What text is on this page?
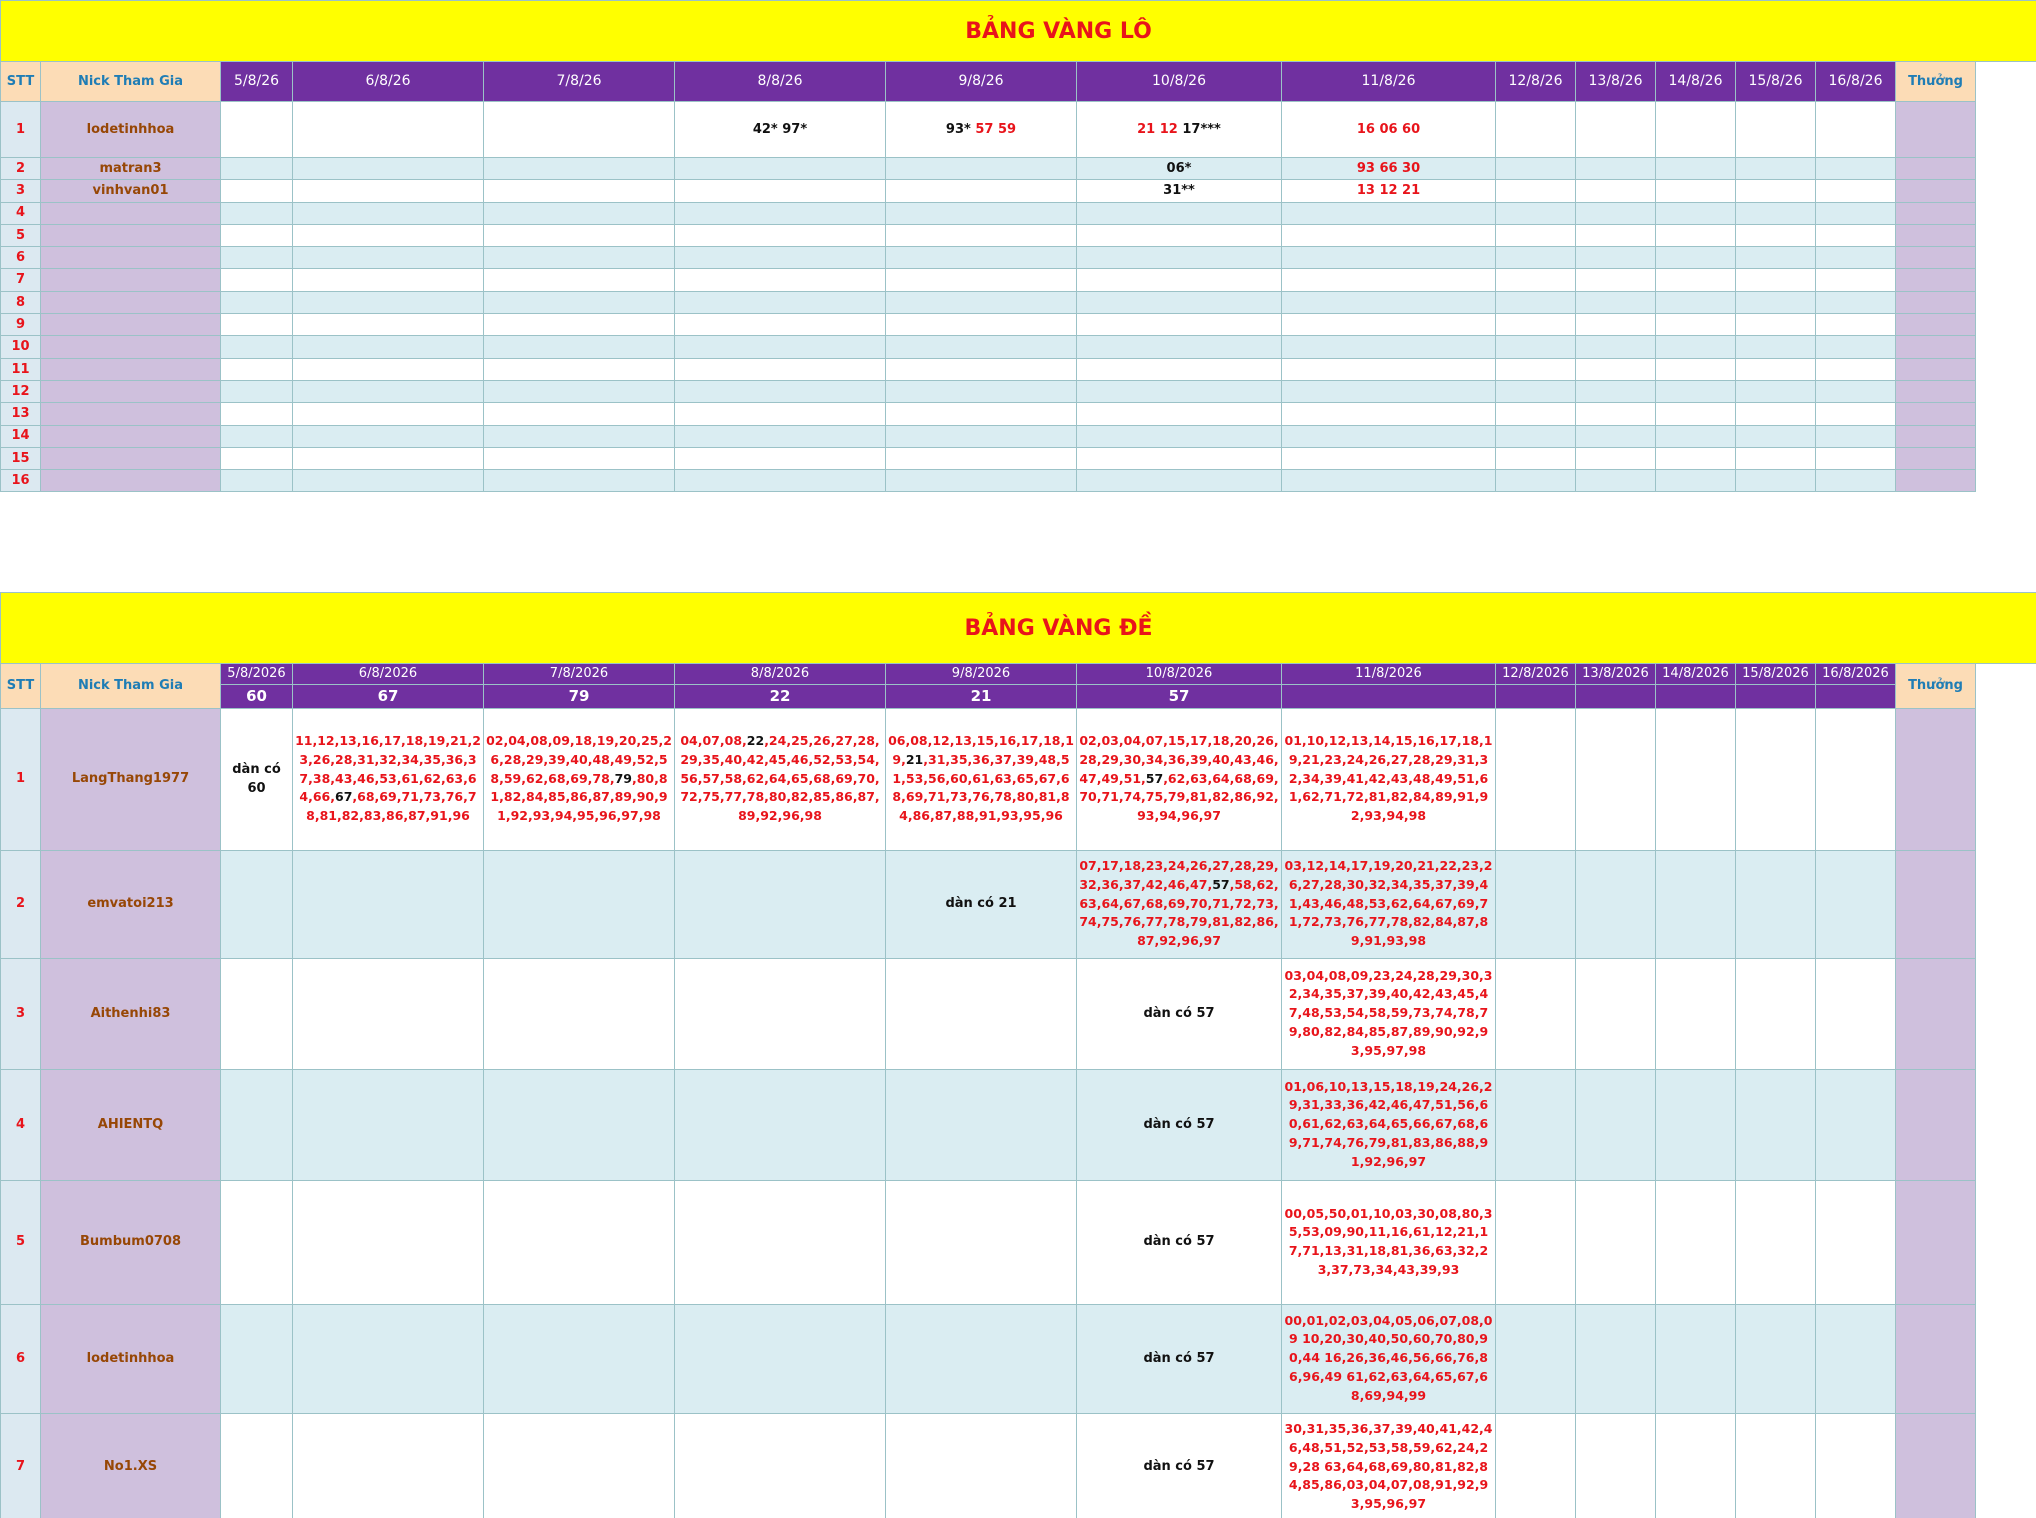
BẢNG VÀNG LÔ														
STT	Nick Tham Gia	5/8/26	6/8/26	7/8/26	8/8/26	9/8/26	10/8/26	11/8/26	12/8/26	13/8/26	14/8/26	15/8/26	16/8/26	Thưởng
1	lodetinhhoa				42* 97*	93* 57 59	21 12 17***	16 06 60						
2	matran3						06*	93 66 30						
3	vinhvan01						31**	13 12 21						
4														
5														
6														
7														
8														
9														
10														
11														
12														
13														
14														
15														
16														
BẢNG VÀNG ĐỀ														
STT	Nick Tham Gia	5/8/2026	6/8/2026	7/8/2026	8/8/2026	9/8/2026	10/8/2026	11/8/2026	12/8/2026	13/8/2026	14/8/2026	15/8/2026	16/8/2026	Thưởng
		60	67	79	22	21	57							
1	LangThang1977	dàn có 60	11,12,13,16,17,18,19,21,23,26,28,31,32,34,35,36,37,38,43,46,53,61,62,63,64,66,67,68,69,71,73,76,78,81,82,83,86,87,91,96	02,04,08,09,18,19,20,25,26,28,29,39,40,48,49,52,58,59,62,68,69,78,79,80,81,82,84,85,86,87,89,90,91,92,93,94,95,96,97,98	04,07,08,22,24,25,26,27,28,29,35,40,42,45,46,52,53,54,56,57,58,62,64,65,68,69,70,72,75,77,78,80,82,85,86,87,89,92,96,98	06,08,12,13,15,16,17,18,19,21,31,35,36,37,39,48,51,53,56,60,61,63,65,67,68,69,71,73,76,78,80,81,84,86,87,88,91,93,95,96	02,03,04,07,15,17,18,20,26,28,29,30,34,36,39,40,43,46,47,49,51,57,62,63,64,68,69,70,71,74,75,79,81,82,86,92,93,94,96,97	01,10,12,13,14,15,16,17,18,19,21,23,24,26,27,28,29,31,32,34,39,41,42,43,48,49,51,61,62,71,72,81,82,84,89,91,92,93,94,98						
2	emvatoi213					dàn có 21	07,17,18,23,24,26,27,28,29,32,36,37,42,46,47,57,58,62,63,64,67,68,69,70,71,72,73,74,75,76,77,78,79,81,82,86,87,92,96,97	03,12,14,17,19,20,21,22,23,26,27,28,30,32,34,35,37,39,41,43,46,48,53,62,64,67,69,71,72,73,76,77,78,82,84,87,89,91,93,98						
3	Aithenhi83						dàn có 57	03,04,08,09,23,24,28,29,30,32,34,35,37,39,40,42,43,45,47,48,53,54,58,59,73,74,78,79,80,82,84,85,87,89,90,92,93,95,97,98						
4	AHIENTQ						dàn có 57	01,06,10,13,15,18,19,24,26,29,31,33,36,42,46,47,51,56,60,61,62,63,64,65,66,67,68,69,71,74,76,79,81,83,86,88,91,92,96,97						
5	Bumbum0708						dàn có 57	00,05,50,01,10,03,30,08,80,35,53,09,90,11,16,61,12,21,17,71,13,31,18,81,36,63,32,23,37,73,34,43,39,93						
6	lodetinhhoa						dàn có 57	00,01,02,03,04,05,06,07,08,09 10,20,30,40,50,60,70,80,90,44 16,26,36,46,56,66,76,86,96,49 61,62,63,64,65,67,68,69,94,99						
7	No1.XS						dàn có 57	30,31,35,36,37,39,40,41,42,46,48,51,52,53,58,59,62,24,29,28 63,64,68,69,80,81,82,84,85,86,03,04,07,08,91,92,93,95,96,97						
